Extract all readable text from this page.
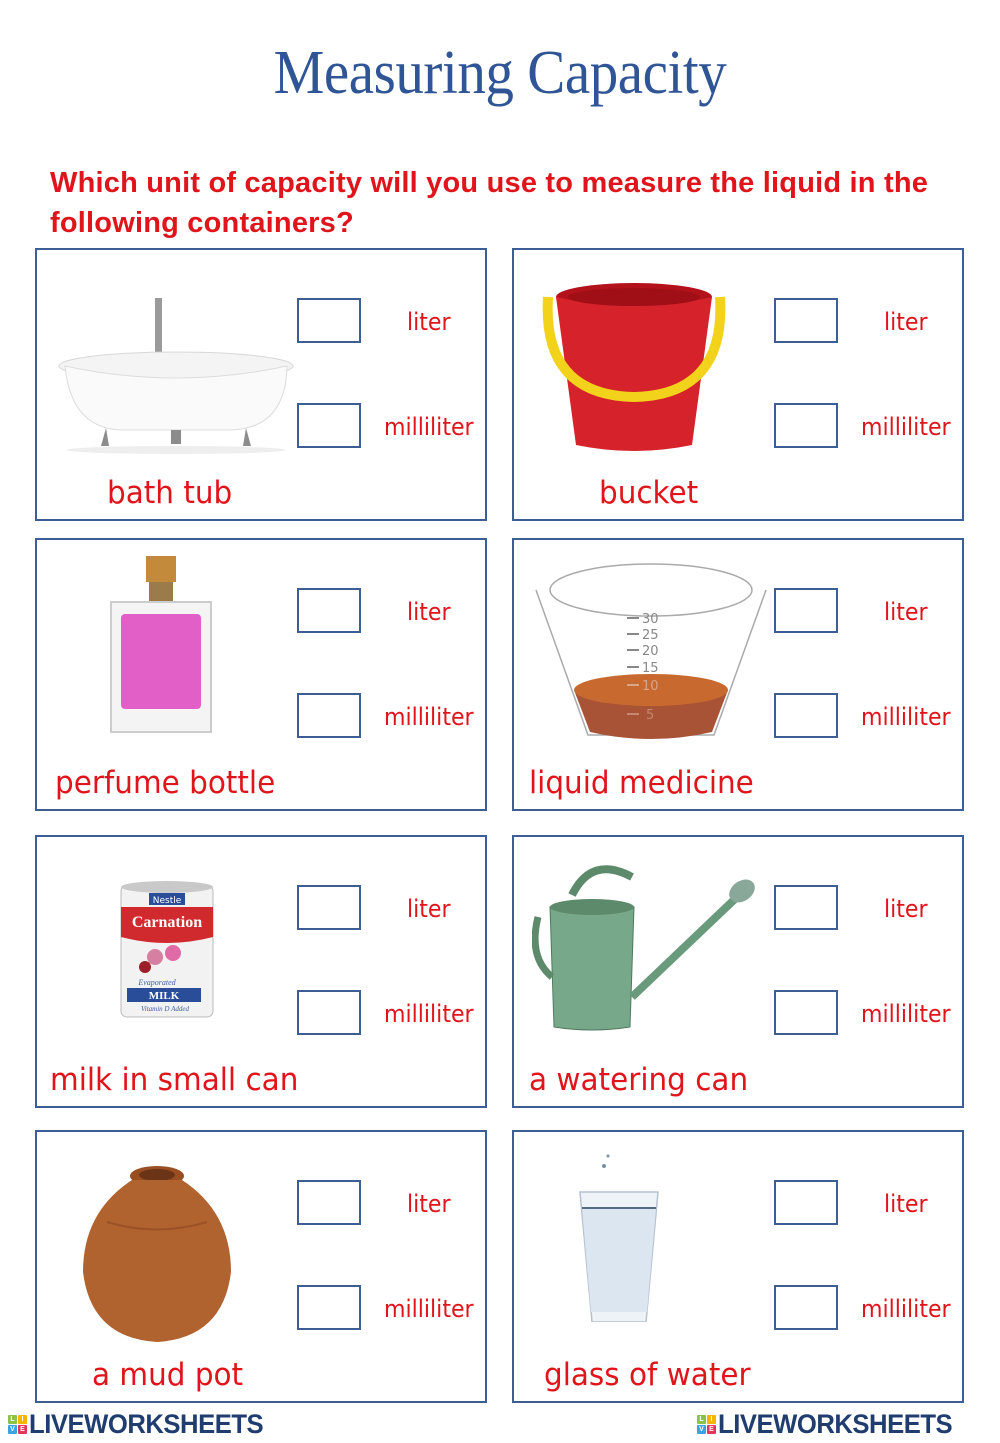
Measuring Capacity
Which unit of capacity will you use to measure the liquid in the following containers?
liter
milliliter
bath tub
liter
milliliter
bucket
liter
milliliter
perfume bottle
30
25
20
15
10
5
liter
milliliter
liquid medicine
Nestle
Carnation
Evaporated
MILK
Vitamin D Added
liter
milliliter
milk in small can
liter
milliliter
a watering can
liter
milliliter
a mud pot
liter
milliliter
glass of water
L I
V E LIVEWORKSHEETS	L I
V E LIVEWORKSHEETS
